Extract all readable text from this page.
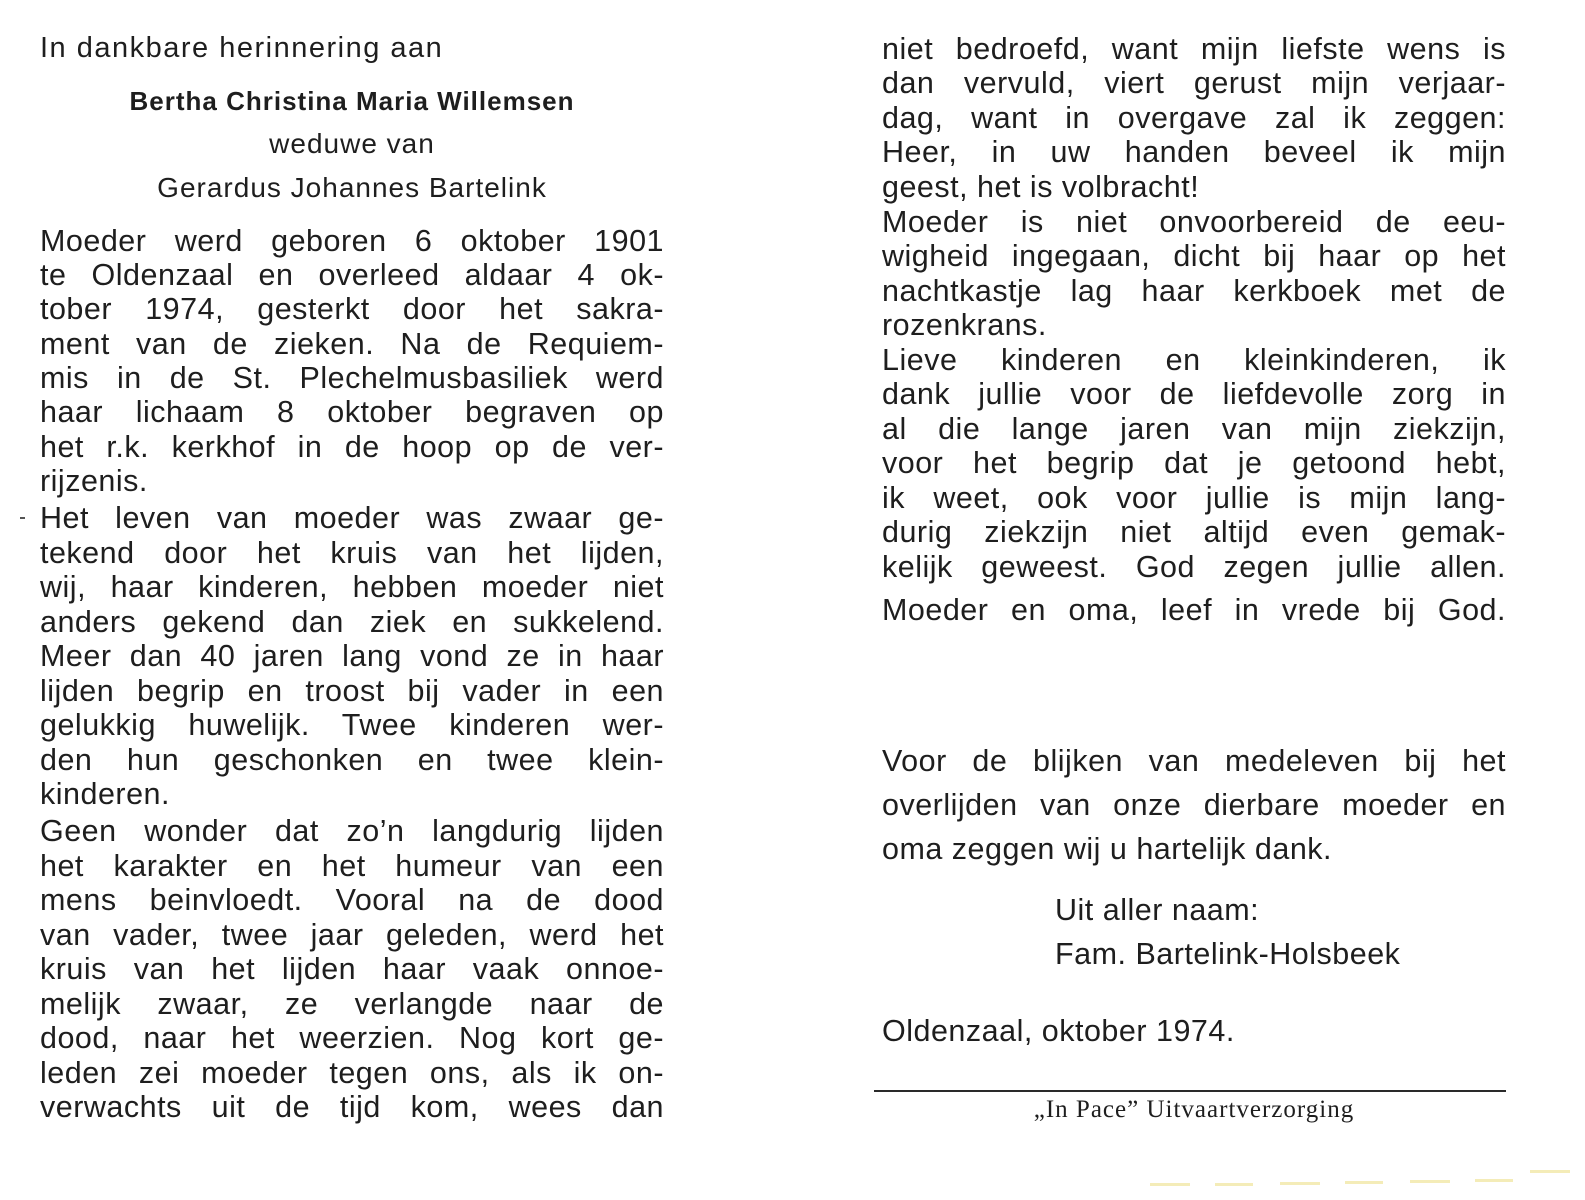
In dankbare herinnering aan
Bertha Christina Maria Willemsen
weduwe van
Gerardus Johannes Bartelink
Moeder werd geboren 6 oktober 1901
te Oldenzaal en overleed aldaar 4 ok-
tober 1974, gesterkt door het sakra-
ment van de zieken. Na de Requiem-
mis in de St. Plechelmusbasiliek werd
haar lichaam 8 oktober begraven op
het r.k. kerkhof in de hoop op de ver-
rijzenis.
Het leven van moeder was zwaar ge-
tekend door het kruis van het lijden,
wij, haar kinderen, hebben moeder niet
anders gekend dan ziek en sukkelend.
Meer dan 40 jaren lang vond ze in haar
lijden begrip en troost bij vader in een
gelukkig huwelijk. Twee kinderen wer-
den hun geschonken en twee klein-
kinderen.
Geen wonder dat zo’n langdurig lijden
het karakter en het humeur van een
mens beinvloedt. Vooral na de dood
van vader, twee jaar geleden, werd het
kruis van het lijden haar vaak onnoe-
melijk zwaar, ze verlangde naar de
dood, naar het weerzien. Nog kort ge-
leden zei moeder tegen ons, als ik on-
verwachts uit de tijd kom, wees dan
niet bedroefd, want mijn liefste wens is
dan vervuld, viert gerust mijn verjaar-
dag, want in overgave zal ik zeggen:
Heer, in uw handen beveel ik mijn
geest, het is volbracht!
Moeder is niet onvoorbereid de eeu-
wigheid ingegaan, dicht bij haar op het
nachtkastje lag haar kerkboek met de
rozenkrans.
Lieve kinderen en kleinkinderen, ik
dank jullie voor de liefdevolle zorg in
al die lange jaren van mijn ziekzijn,
voor het begrip dat je getoond hebt,
ik weet, ook voor jullie is mijn lang-
durig ziekzijn niet altijd even gemak-
kelijk geweest. God zegen jullie allen.
Moeder en oma, leef in vrede bij God.
Voor de blijken van medeleven bij het
overlijden van onze dierbare moeder en
oma zeggen wij u hartelijk dank.
Uit aller naam:
Fam. Bartelink-Holsbeek
Oldenzaal, oktober 1974.
„In Pace” Uitvaartverzorging
